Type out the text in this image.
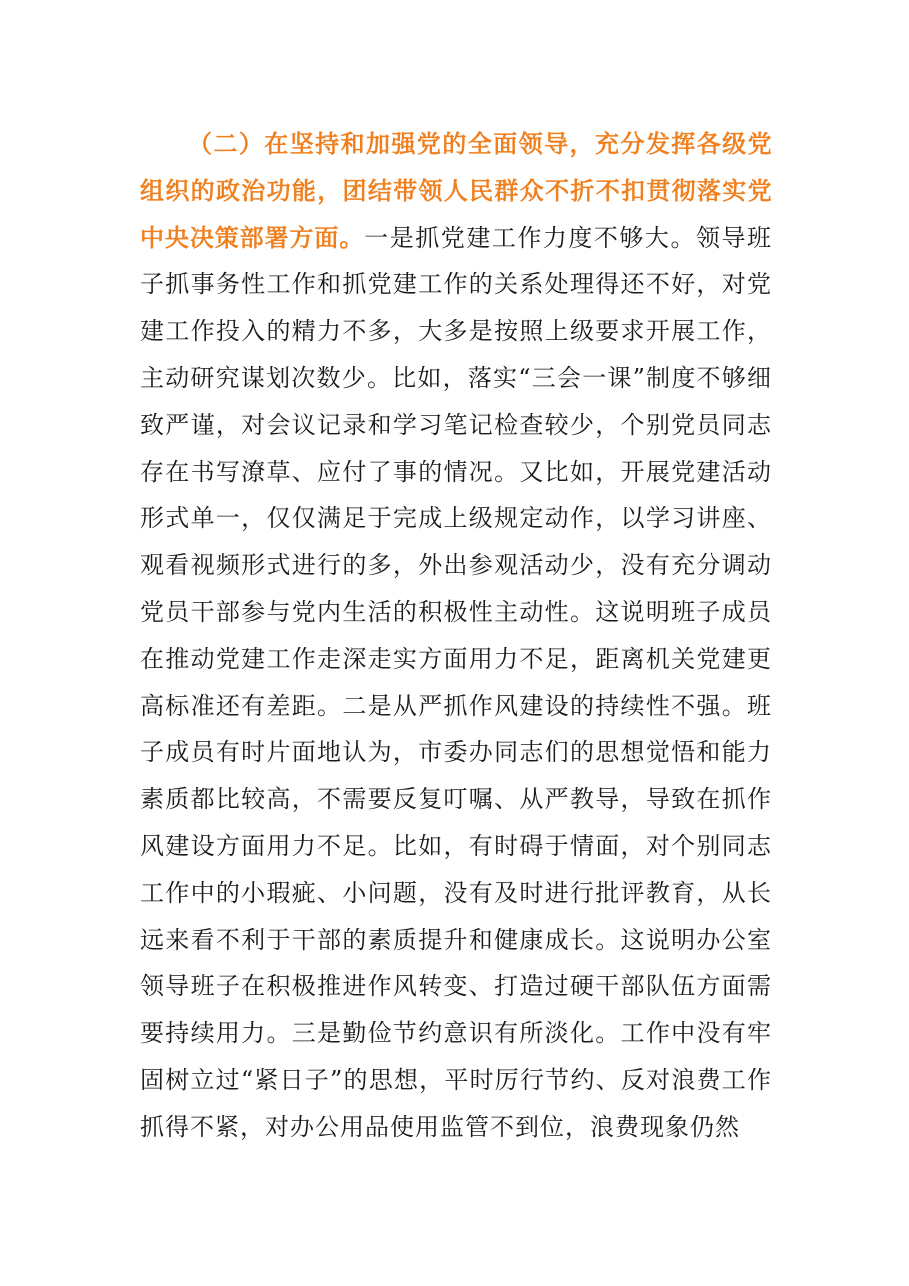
（二）在坚持和加强党的全面领导，充分发挥各级党组织的政治功能，团结带领人民群众不折不扣贯彻落实党中央决策部署方面。一是抓党建工作力度不够大。领导班子抓事务性工作和抓党建工作的关系处理得还不好，对党建工作投入的精力不多，大多是按照上级要求开展工作，主动研究谋划次数少。比如，落实“三会一课”制度不够细致严谨，对会议记录和学习笔记检查较少，个别党员同志存在书写潦草、应付了事的情况。又比如，开展党建活动形式单一，仅仅满足于完成上级规定动作，以学习讲座、观看视频形式进行的多，外出参观活动少，没有充分调动党员干部参与党内生活的积极性主动性。这说明班子成员在推动党建工作走深走实方面用力不足，距离机关党建更高标准还有差距。二是从严抓作风建设的持续性不强。班子成员有时片面地认为，市委办同志们的思想觉悟和能力素质都比较高，不需要反复叮嘱、从严教导，导致在抓作风建设方面用力不足。比如，有时碍于情面，对个别同志工作中的小瑕疵、小问题，没有及时进行批评教育，从长远来看不利于干部的素质提升和健康成长。这说明办公室领导班子在积极推进作风转变、打造过硬干部队伍方面需要持续用力。三是勤俭节约意识有所淡化。工作中没有牢固树立过“紧日子”的思想，平时厉行节约、反对浪费工作抓得不紧，对办公用品使用监管不到位，浪费现象仍然
